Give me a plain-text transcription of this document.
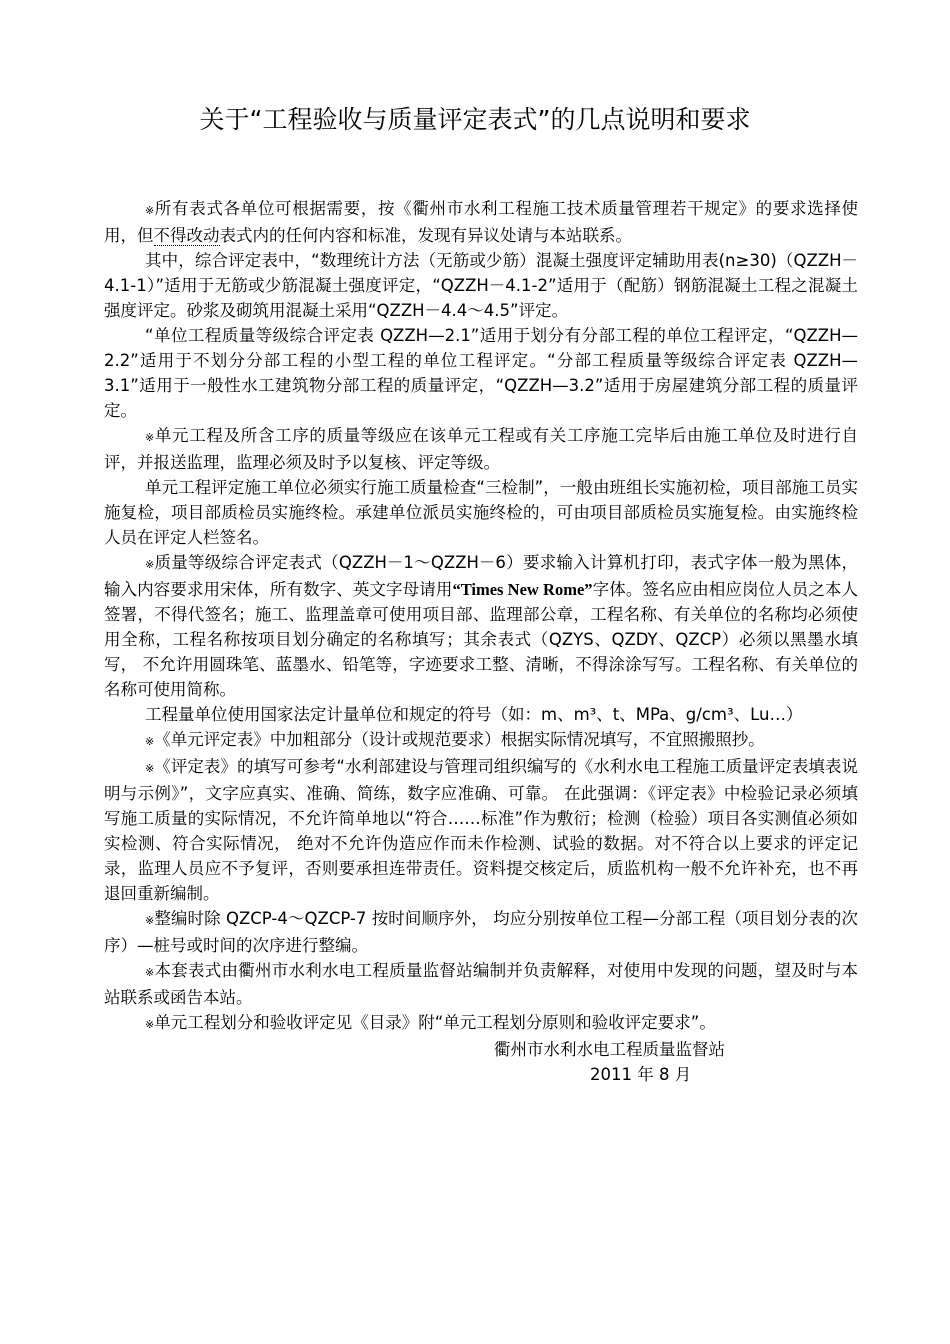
关于“工程验收与质量评定表式”的几点说明和要求

※所有表式各单位可根据需要，按《衢州市水利工程施工技术质量管理若干规定》的要求选择使用，但不得改动表式内的任何内容和标准，发现有异议处请与本站联系。

其中，综合评定表中，“数理统计方法（无筋或少筋）混凝土强度评定辅助用表(n≥30)（QZZH－4.1-1）”适用于无筋或少筋混凝土强度评定，“QZZH－4.1-2”适用于（配筋）钢筋混凝土工程之混凝土强度评定。砂浆及砌筑用混凝土采用“QZZH－4.4～4.5”评定。

“单位工程质量等级综合评定表 QZZH—2.1”适用于划分有分部工程的单位工程评定，“QZZH—2.2”适用于不划分分部工程的小型工程的单位工程评定。“分部工程质量等级综合评定表 QZZH—3.1”适用于一般性水工建筑物分部工程的质量评定，“QZZH—3.2”适用于房屋建筑分部工程的质量评定。

※单元工程及所含工序的质量等级应在该单元工程或有关工序施工完毕后由施工单位及时进行自评，并报送监理，监理必须及时予以复核、评定等级。

单元工程评定施工单位必须实行施工质量检查“三检制”，一般由班组长实施初检，项目部施工员实施复检，项目部质检员实施终检。承建单位派员实施终检的，可由项目部质检员实施复检。由实施终检人员在评定人栏签名。

※质量等级综合评定表式（QZZH－1～QZZH－6）要求输入计算机打印，表式字体一般为黑体，输入内容要求用宋体，所有数字、英文字母请用“Times New Rome”字体。签名应由相应岗位人员之本人签署，不得代签名；施工、监理盖章可使用项目部、监理部公章，工程名称、有关单位的名称均必须使用全称，工程名称按项目划分确定的名称填写；其余表式（QZYS、QZDY、QZCP）必须以黑墨水填写， 不允许用圆珠笔、蓝墨水、铅笔等，字迹要求工整、清晰，不得涂涂写写。工程名称、有关单位的名称可使用简称。

工程量单位使用国家法定计量单位和规定的符号（如：m、m³、t、MPa、g/cm³、Lu…）

※《单元评定表》中加粗部分（设计或规范要求）根据实际情况填写，不宜照搬照抄。

※《评定表》的填写可参考“水利部建设与管理司组织编写的《水利水电工程施工质量评定表填表说明与示例》”，文字应真实、准确、简练，数字应准确、可靠。 在此强调：《评定表》中检验记录必须填写施工质量的实际情况，不允许简单地以“符合……标准”作为敷衍；检测（检验）项目各实测值必须如实检测、符合实际情况， 绝对不允许伪造应作而未作检测、试验的数据。对不符合以上要求的评定记录，监理人员应不予复评，否则要承担连带责任。资料提交核定后，质监机构一般不允许补充，也不再退回重新编制。

※整编时除 QZCP-4～QZCP-7 按时间顺序外， 均应分别按单位工程—分部工程（项目划分表的次序）—桩号或时间的次序进行整编。

※本套表式由衢州市水利水电工程质量监督站编制并负责解释，对使用中发现的问题，望及时与本站联系或函告本站。

※单元工程划分和验收评定见《目录》附“单元工程划分原则和验收评定要求”。

衢州市水利水电工程质量监督站

2011 年 8 月
